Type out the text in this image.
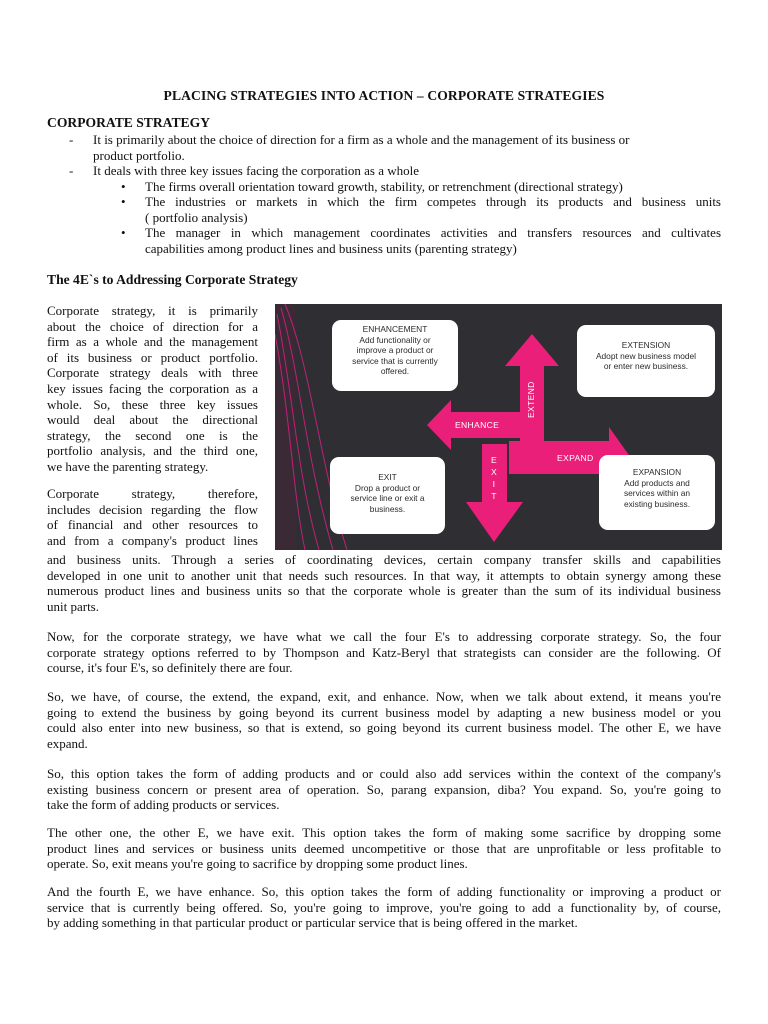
PLACING STRATEGIES INTO ACTION – CORPORATE STRATEGIES
CORPORATE STRATEGY
- It is primarily about the choice of direction for a firm as a whole and the management of its business or
product portfolio.
- It deals with three key issues facing the corporation as a whole
• The firms overall orientation toward growth, stability, or retrenchment (directional strategy)
• The industries or markets in which the firm competes through its products and business units
( portfolio analysis)
• The manager in which management coordinates activities and transfers resources and cultivates
capabilities among product lines and business units (parenting strategy)
The 4E`s to Addressing Corporate Strategy
Corporate strategy, it is primarily
about the choice of direction for a
firm as a whole and the management
of its business or product portfolio.
Corporate strategy deals with three
key issues facing the corporation as a
whole. So, these three key issues
would deal about the directional
strategy, the second one is the
portfolio analysis, and the third one,
we have the parenting strategy.
Corporate strategy, therefore,
includes decision regarding the flow
of financial and other resources to
and from a company's product lines
and business units. Through a series of coordinating devices, certain company transfer skills and capabilities
developed in one unit to another unit that needs such resources. In that way, it attempts to obtain synergy among these
numerous product lines and business units so that the corporate whole is greater than the sum of its individual business
unit parts.
Now, for the corporate strategy, we have what we call the four E's to addressing corporate strategy. So, the four
corporate strategy options referred to by Thompson and Katz-Beryl that strategists can consider are the following. Of
course, it's four E's, so definitely there are four.
So, we have, of course, the extend, the expand, exit, and enhance. Now, when we talk about extend, it means you're
going to extend the business by going beyond its current business model by adapting a new business model or you
could also enter into new business, so that is extend, so going beyond its current business model. The other E, we have
expand.
So, this option takes the form of adding products and or could also add services within the context of the company's
existing business concern or present area of operation. So, parang expansion, diba? You expand. So, you're going to
take the form of adding products or services.
The other one, the other E, we have exit. This option takes the form of making some sacrifice by dropping some
product lines and services or business units deemed uncompetitive or those that are unprofitable or less profitable to
operate. So, exit means you're going to sacrifice by dropping some product lines.
And the fourth E, we have enhance. So, this option takes the form of adding functionality or improving a product or
service that is currently being offered. So, you're going to improve, you're going to add a functionality by, of course,
by adding something in that particular product or particular service that is being offered in the market.
ENHANCEMENT
Add functionality or
improve a product or
service that is currently
offered.
EXTENSION
Adopt new business model
or enter new business.
EXIT
Drop a product or
service line or exit a
business.
EXPANSION
Add products and
services within an
existing business.
EXTEND
ENHANCE
EXPAND
EXIT
